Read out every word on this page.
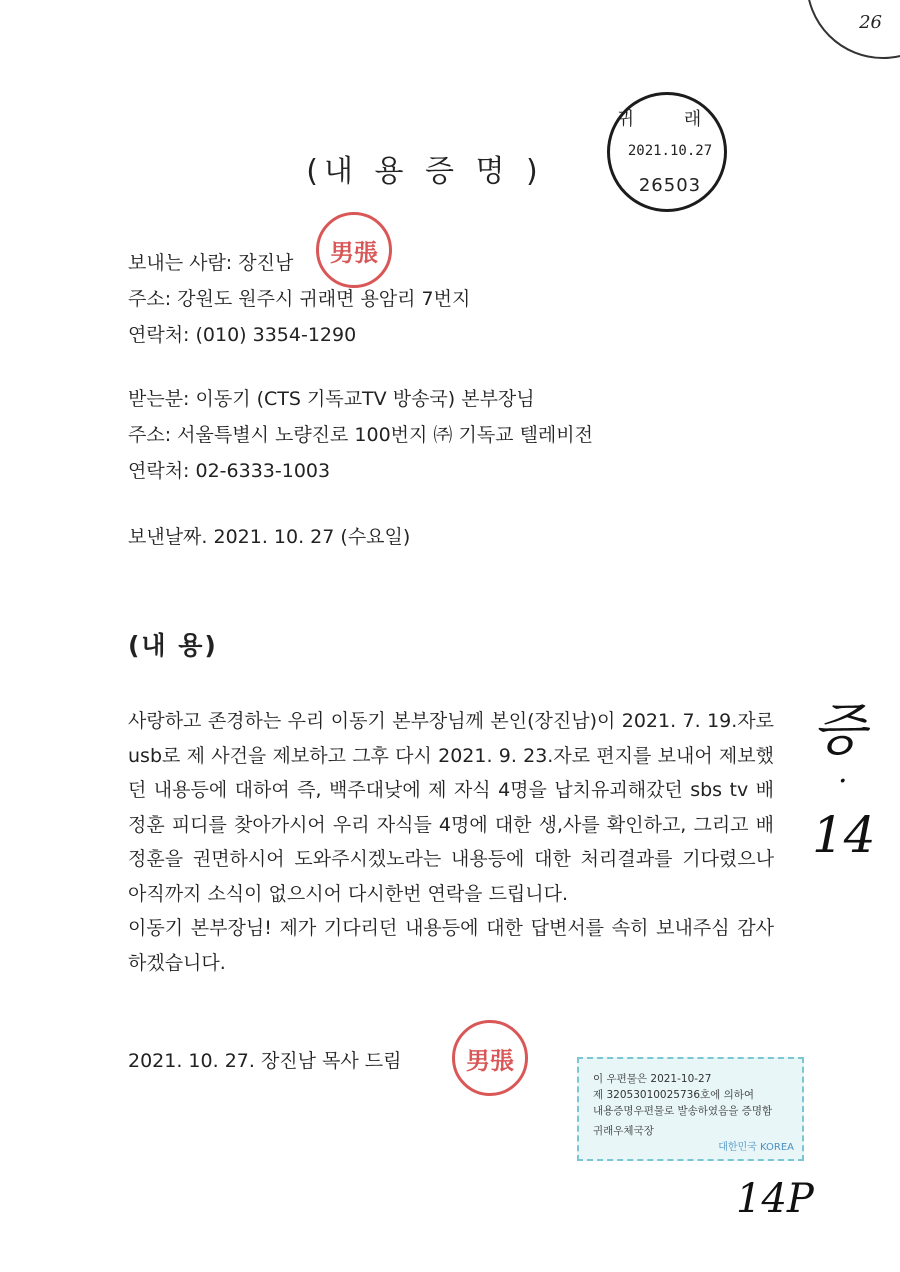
26
귀 래
2021.10.27
26503
(내 용 증 명 )
보내는 사람: 장진남 男張
주소: 강원도 원주시 귀래면 용암리 7번지
연락처: (010) 3354-1290
받는분: 이동기 (CTS 기독교TV 방송국) 본부장님
주소: 서울특별시 노량진로 100번지 ㈜ 기독교 텔레비전
연락처: 02-6333-1003
보낸날짜. 2021. 10. 27 (수요일)
(내 용)

사랑하고 존경하는 우리 이동기 본부장님께 본인(장진남)이 2021. 7. 19.자로 usb로 제 사건을 제보하고 그후 다시 2021. 9. 23.자로 편지를 보내어 제보했던 내용등에 대하여 즉, 백주대낮에 제 자식 4명을 납치유괴해갔던 sbs tv 배정훈 피디를 찾아가시어 우리 자식들 4명에 대한 생,사를 확인하고, 그리고 배정훈을 권면하시어 도와주시겠노라는 내용등에 대한 처리결과를 기다렸으나 아직까지 소식이 없으시어 다시한번 연락을 드립니다.

이동기 본부장님! 제가 기다리던 내용등에 대한 답변서를 속히 보내주심 감사하겠습니다.

2021. 10. 27. 장진남 목사 드림	男張
증
·
14
이 우편물은 2021-10-27
제 32053010025736호에 의하여
내용증명우편물로 발송하였음을 증명함
귀래우체국장
대한민국 KOREA
14P
